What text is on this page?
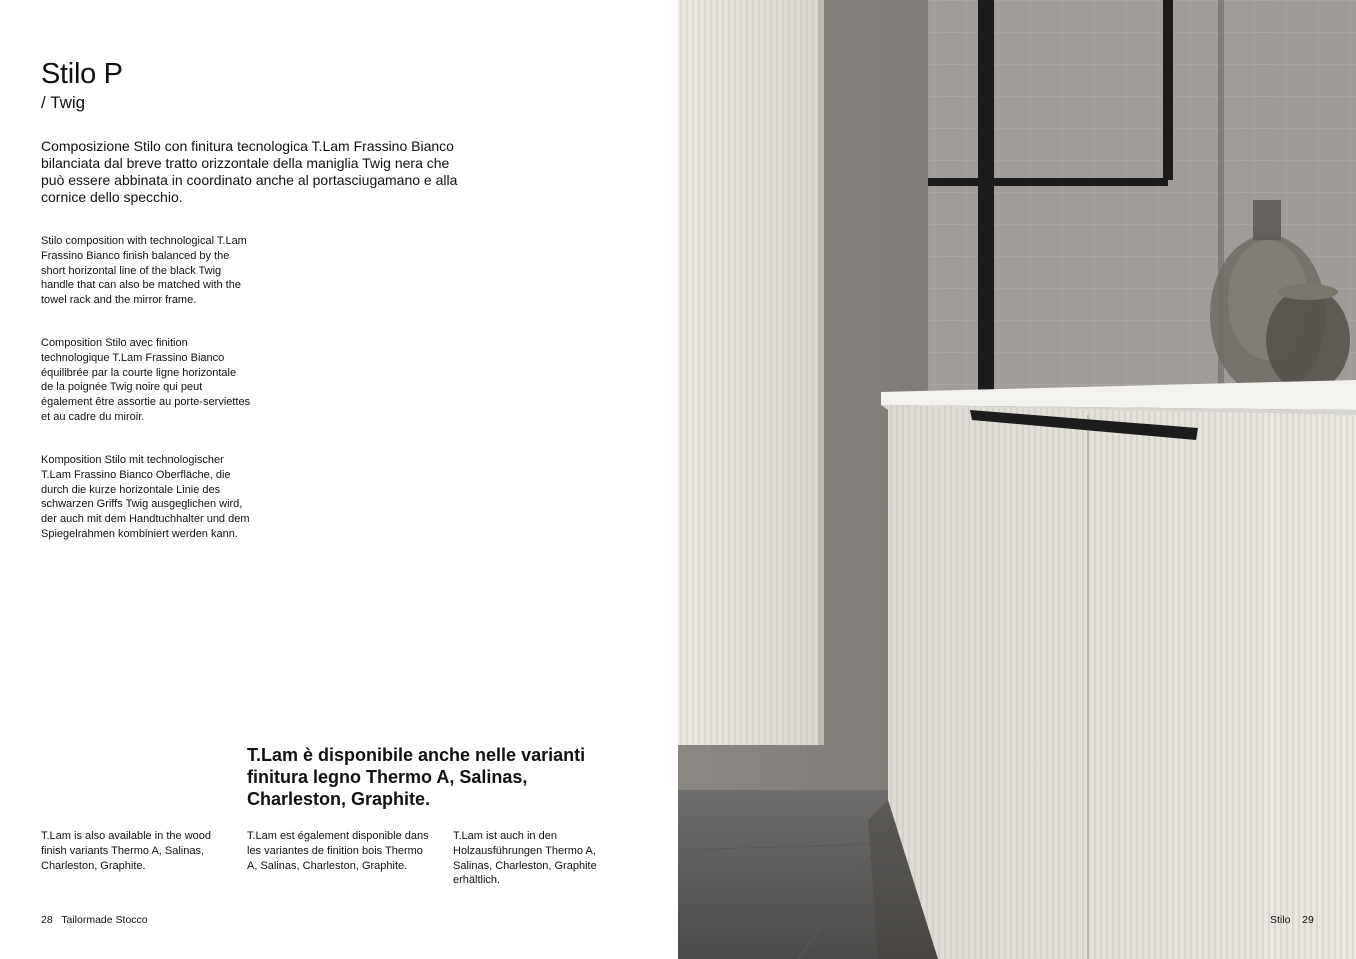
Stilo P
/ Twig
Composizione Stilo con finitura tecnologica T.Lam Frassino Bianco bilanciata dal breve tratto orizzontale della maniglia Twig nera che può essere abbinata in coordinato anche al portasciugamano e alla cornice dello specchio.
Stilo composition with technological T.Lam Frassino Bianco finish balanced by the short horizontal line of the black Twig handle that can also be matched with the towel rack and the mirror frame.
Composition Stilo avec finition technologique T.Lam Frassino Bianco équilibrée par la courte ligne horizontale de la poignée Twig noire qui peut également être assortie au porte-serviettes et au cadre du miroir.
Komposition Stilo mit technologischer T.Lam Frassino Bianco Oberfläche, die durch die kurze horizontale Linie des schwarzen Griffs Twig ausgeglichen wird, der auch mit dem Handtuchhalter und dem Spiegelrahmen kombiniert werden kann.
T.Lam è disponibile anche nelle varianti finitura legno Thermo A, Salinas, Charleston, Graphite.
T.Lam is also available in the wood finish variants Thermo A, Salinas, Charleston, Graphite.
T.Lam est également disponible dans les variantes de finition bois Thermo A, Salinas, Charleston, Graphite.
T.Lam ist auch in den Holzausführungen Thermo A, Salinas, Charleston, Graphite erhältlich.
28 Tailormade Stocco	Stilo 29
